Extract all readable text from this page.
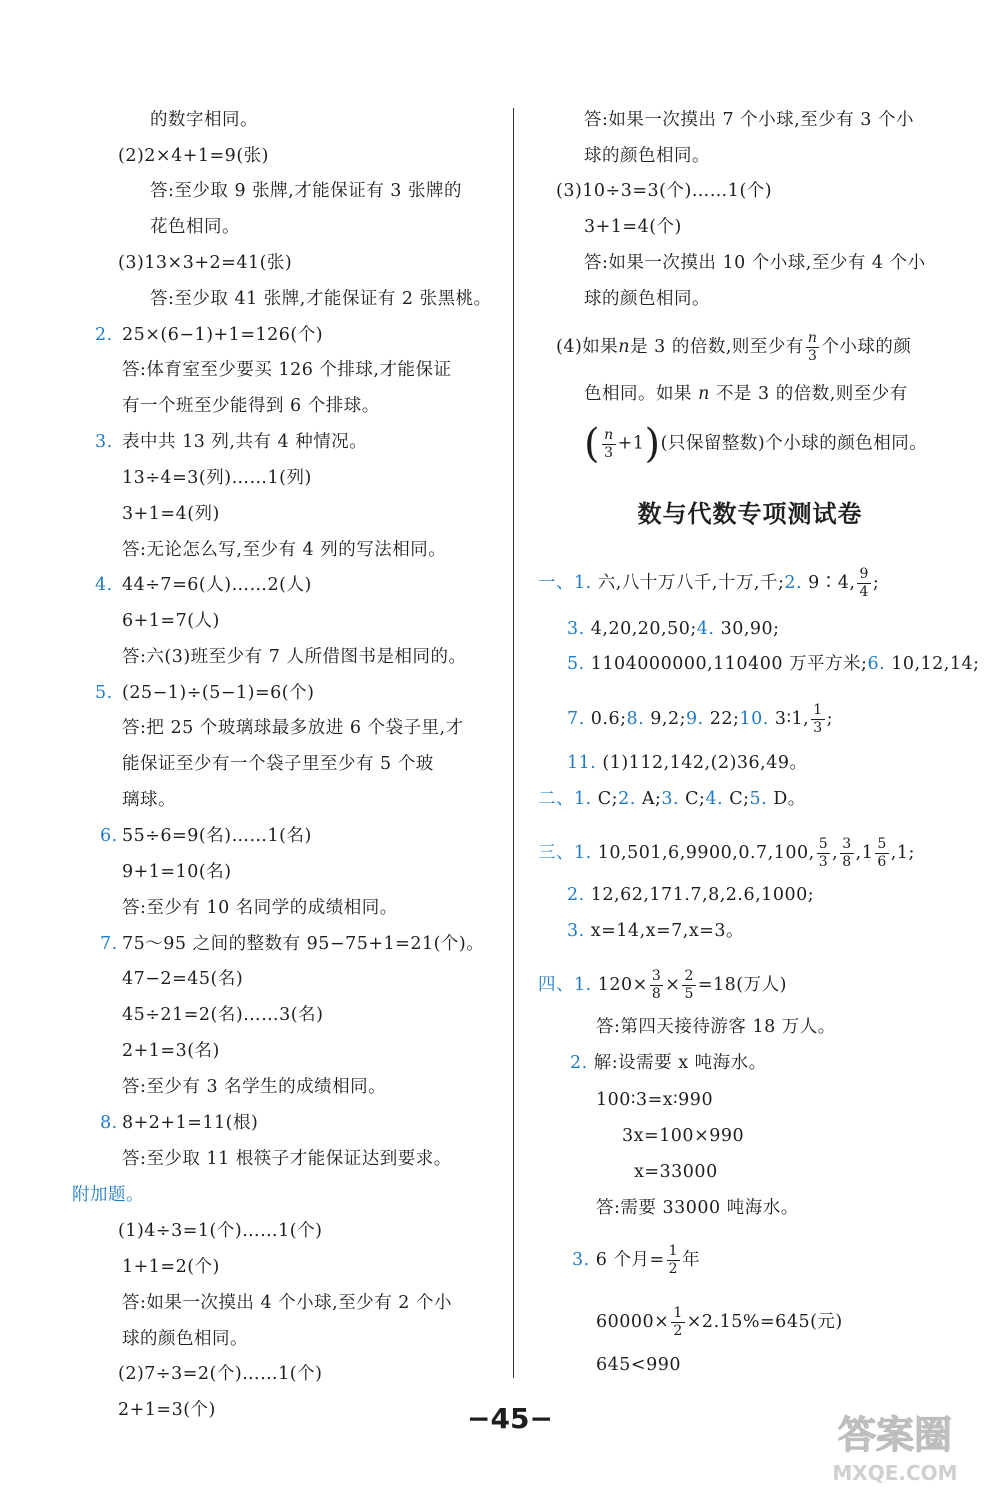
的数字相同。
(2)2×4+1=9(张)
答:至少取 9 张牌,才能保证有 3 张牌的
花色相同。
(3)13×3+2=41(张)
答:至少取 41 张牌,才能保证有 2 张黑桃。
2. 25×(6−1)+1=126(个)
答:体育室至少要买 126 个排球,才能保证
有一个班至少能得到 6 个排球。
3. 表中共 13 列,共有 4 种情况。
13÷4=3(列)……1(列)
3+1=4(列)
答:无论怎么写,至少有 4 列的写法相同。
4. 44÷7=6(人)……2(人)
6+1=7(人)
答:六(3)班至少有 7 人所借图书是相同的。
5. (25−1)÷(5−1)=6(个)
答:把 25 个玻璃球最多放进 6 个袋子里,才
能保证至少有一个袋子里至少有 5 个玻
璃球。
6. 55÷6=9(名)……1(名)
9+1=10(名)
答:至少有 10 名同学的成绩相同。
7. 75～95 之间的整数有 95−75+1=21(个)。
47−2=45(名)
45÷21=2(名)……3(名)
2+1=3(名)
答:至少有 3 名学生的成绩相同。
8. 8+2+1=11(根)
答:至少取 11 根筷子才能保证达到要求。
附加题。
(1)4÷3=1(个)……1(个)
1+1=2(个)
答:如果一次摸出 4 个小球,至少有 2 个小
球的颜色相同。
(2)7÷3=2(个)……1(个)
2+1=3(个)
答:如果一次摸出 7 个小球,至少有 3 个小
球的颜色相同。
(3)10÷3=3(个)……1(个)
3+1=4(个)
答:如果一次摸出 10 个小球,至少有 4 个小
球的颜色相同。
(4)如果n是 3 的倍数,则至少有 $\frac{n}{3}$ 个小球的颜
色相同。如果 n 不是 3 的倍数,则至少有
( $\frac{n}{3} +1$)(只保留整数)个小球的颜色相同。
数与代数专项测试卷
一、1. 六,八十万八千,十万,千;2. 9∶4, $\frac{9}{4}$ ;
3. 4,20,20,50;4. 30,90;
5. 1104000000,110400 万平方米;6. 10,12,14;
7. 0.6;8. 9,2;9. 22;10. 3∶1, $\frac{1}{3}$ ;
11. (1)112,142,(2)36,49。
二、1. C;2. A;3. C;4. C;5. D。
三、1. 10,501,6,9900,0.7,100, $\frac{5}{3}$ , $\frac{3}{8} ,1 \frac{5}{6} ,1$;
2. 12,62,171.7,8,2.6,1000;
3. x=14,x=7,x=3。
四、1. $120\times \frac{3}{8} \times \frac{2}{5} =18$(万人)
答:第四天接待游客 18 万人。
2. 解:设需要 x 吨海水。
100∶3=x∶990
3x=100×990
x=33000
答:需要 33000 吨海水。
3. 6 个月= $\frac{1}{2}$ 年
$60000\times \frac{1}{2} \times 2.15\%=645$(元)
645<990
−45−	答案圈
MXQE.COM
